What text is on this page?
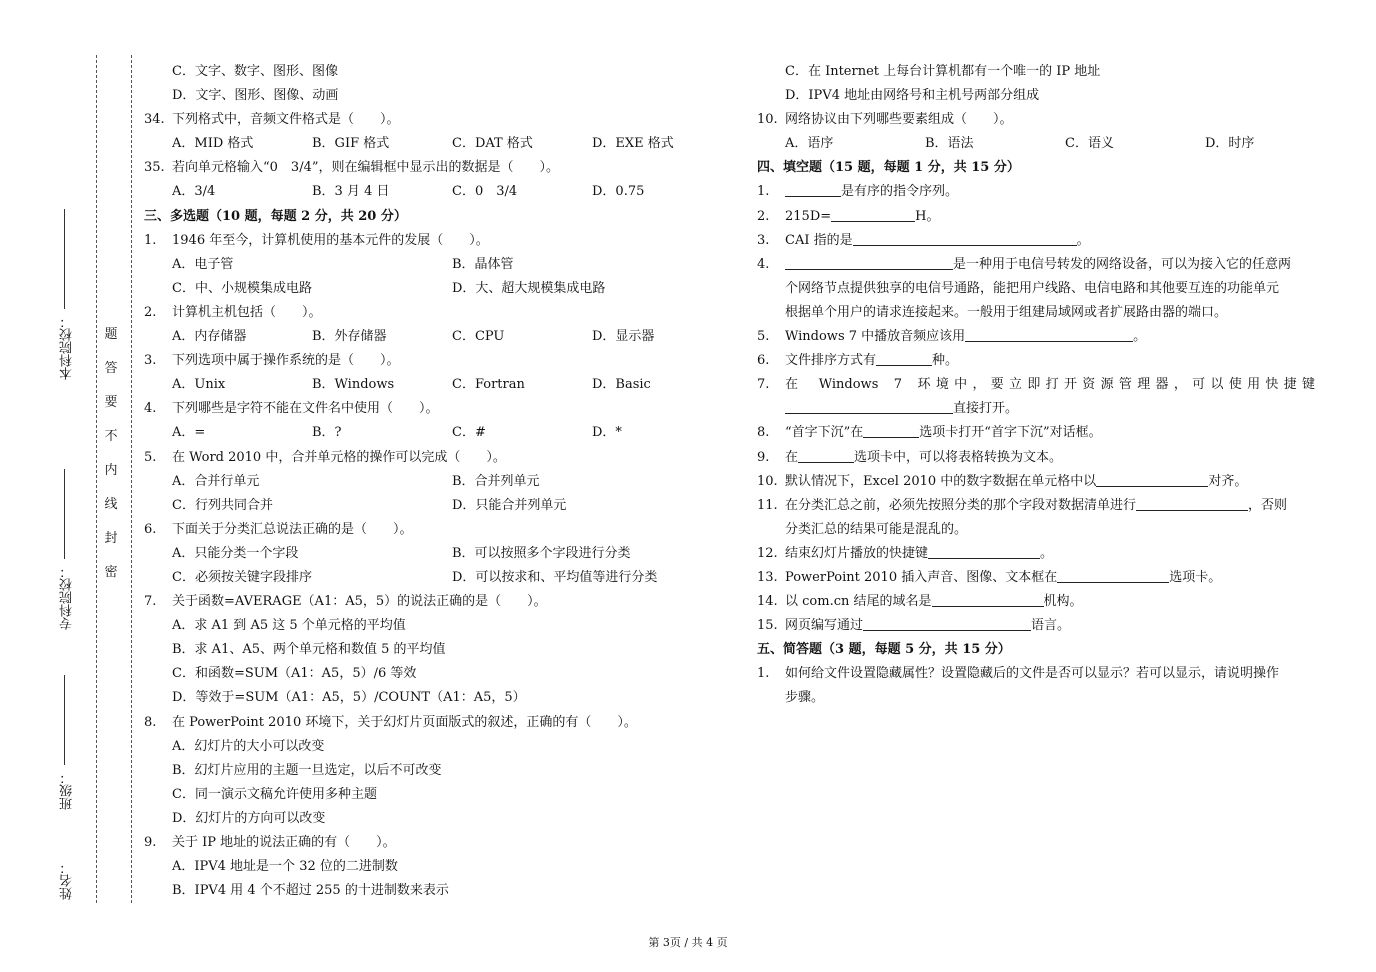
姓名：
班级：
专科院校：
本科院校：	题
答
要
不
内
线
封
密
C．文字、数字、图形、图像
D．文字、图形、图像、动画
34. 下列格式中，音频文件格式是（　　）。
A．MID 格式	B．GIF 格式	C．DAT 格式	D．EXE 格式
35. 若向单元格输入“0　3/4”，则在编辑框中显示出的数据是（　　）。
A．3/4	B．3 月 4 日	C．0　3/4	D．0.75
三、多选题（10 题，每题 2 分，共 20 分）
1. 1946 年至今，计算机使用的基本元件的发展（　　）。
A．电子管	B．晶体管
C．中、小规模集成电路	D．大、超大规模集成电路
2. 计算机主机包括（　　）。
A．内存储器	B．外存储器	C．CPU	D．显示器
3. 下列选项中属于操作系统的是（　　）。
A．Unix	B．Windows	C．Fortran	D．Basic
4. 下列哪些是字符不能在文件名中使用（　　）。
A．=	B．?	C．#	D．*
5. 在 Word 2010 中，合并单元格的操作可以完成（　　）。
A．合并行单元	B．合并列单元
C．行列共同合并	D．只能合并列单元
6. 下面关于分类汇总说法正确的是（　　）。
A．只能分类一个字段	B．可以按照多个字段进行分类
C．必须按关键字段排序	D．可以按求和、平均值等进行分类
7. 关于函数=AVERAGE（A1：A5，5）的说法正确的是（　　）。
A．求 A1 到 A5 这 5 个单元格的平均值
B．求 A1、A5、两个单元格和数值 5 的平均值
C．和函数=SUM（A1：A5，5）/6 等效
D．等效于=SUM（A1：A5，5）/COUNT（A1：A5，5）
8. 在 PowerPoint 2010 环境下，关于幻灯片页面版式的叙述，正确的有（　　）。
A．幻灯片的大小可以改变
B．幻灯片应用的主题一旦选定，以后不可改变
C．同一演示文稿允许使用多种主题
D．幻灯片的方向可以改变
9. 关于 IP 地址的说法正确的有（　　）。
A．IPV4 地址是一个 32 位的二进制数
B．IPV4 用 4 个不超过 255 的十进制数来表示
C．在 Internet 上每台计算机都有一个唯一的 IP 地址
D．IPV4 地址由网络号和主机号两部分组成
10. 网络协议由下列哪些要素组成（　　）。
A．语序	B．语法	C．语义	D．时序
四、填空题（15 题，每题 1 分，共 15 分）
1.	是有序的指令序列。
2. 215D=	H。
3. CAI 指的是	。
4.	是一种用于电信号转发的网络设备，可以为接入它的任意两
个网络节点提供独享的电信号通路，能把用户线路、电信电路和其他要互连的功能单元
根据单个用户的请求连接起来。一般用于组建局域网或者扩展路由器的端口。
5. Windows 7 中播放音频应该用	。
6. 文件排序方式有	种。
7. 在 Windows 7 环境中，要立即打开资源管理器，可以使用快捷键
直接打开。
8. “首字下沉”在	选项卡打开“首字下沉”对话框。
9. 在	选项卡中，可以将表格转换为文本。
10. 默认情况下，Excel 2010 中的数字数据在单元格中以	对齐。
11. 在分类汇总之前，必须先按照分类的那个字段对数据清单进行	，否则
分类汇总的结果可能是混乱的。
12. 结束幻灯片播放的快捷键	。
13. PowerPoint 2010 插入声音、图像、文本框在	选项卡。
14. 以 com.cn 结尾的域名是	机构。
15. 网页编写通过	语言。
五、简答题（3 题，每题 5 分，共 15 分）
1. 如何给文件设置隐藏属性？设置隐藏后的文件是否可以显示？若可以显示，请说明操作
步骤。
第 3页 / 共 4 页
